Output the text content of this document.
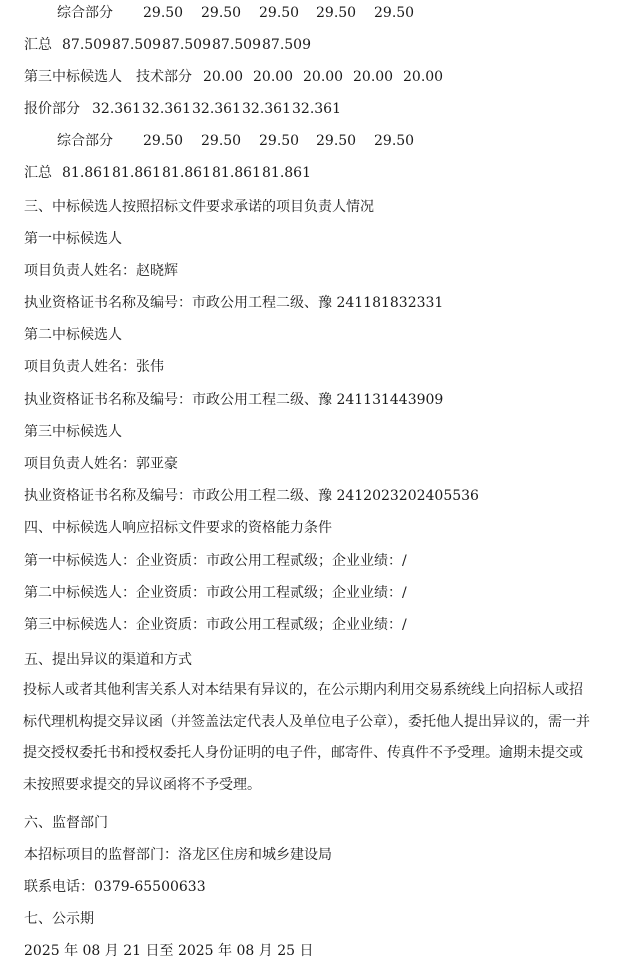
综合部分 29.50 29.50 29.50 29.50 29.50
汇总 87.509 87.509 87.509 87.509 87.509
第三中标候选人 技术部分 20.00 20.00 20.00 20.00 20.00
报价部分 32.361 32.361 32.361 32.361 32.361
综合部分 29.50 29.50 29.50 29.50 29.50
汇总 81.861 81.861 81.861 81.861 81.861
三、中标候选人按照招标文件要求承诺的项目负责人情况
第一中标候选人
项目负责人姓名：赵晓辉
执业资格证书名称及编号：市政公用工程二级、豫 241181832331
第二中标候选人
项目负责人姓名：张伟
执业资格证书名称及编号：市政公用工程二级、豫 241131443909
第三中标候选人
项目负责人姓名：郭亚豪
执业资格证书名称及编号：市政公用工程二级、豫 2412023202405536
四、中标候选人响应招标文件要求的资格能力条件
第一中标候选人：企业资质：市政公用工程贰级；企业业绩：/
第二中标候选人：企业资质：市政公用工程贰级；企业业绩：/
第三中标候选人：企业资质：市政公用工程贰级；企业业绩：/
五、提出异议的渠道和方式
投标人或者其他利害关系人对本结果有异议的，在公示期内利用交易系统线上向招标人或招
标代理机构提交异议函（并签盖法定代表人及单位电子公章），委托他人提出异议的，需一并
提交授权委托书和授权委托人身份证明的电子件，邮寄件、传真件不予受理。逾期未提交或
未按照要求提交的异议函将不予受理。
六、监督部门
本招标项目的监督部门：洛龙区住房和城乡建设局
联系电话：0379-65500633
七、公示期
2025 年 08 月 21 日至 2025 年 08 月 25 日
